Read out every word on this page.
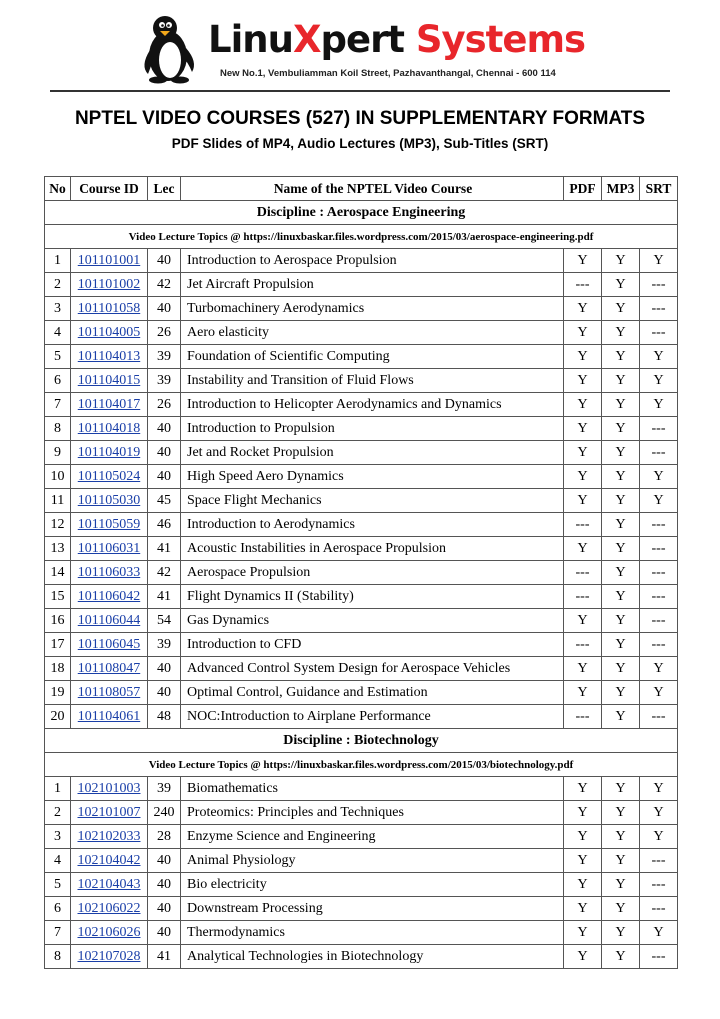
LinuXpert Systems
New No.1, Vembuliamman Koil Street, Pazhavanthangal, Chennai - 600 114
NPTEL VIDEO COURSES (527) IN SUPPLEMENTARY FORMATS
PDF Slides of MP4, Audio Lectures (MP3), Sub-Titles (SRT)
No	Course ID	Lec	Name of the NPTEL Video Course	PDF	MP3	SRT
Discipline : Aerospace Engineering						
Video Lecture Topics @ https://linuxbaskar.files.wordpress.com/2015/03/aerospace-engineering.pdf						
1	101101001	40	Introduction to Aerospace Propulsion	Y	Y	Y
2	101101002	42	Jet Aircraft Propulsion	---	Y	---
3	101101058	40	Turbomachinery Aerodynamics	Y	Y	---
4	101104005	26	Aero elasticity	Y	Y	---
5	101104013	39	Foundation of Scientific Computing	Y	Y	Y
6	101104015	39	Instability and Transition of Fluid Flows	Y	Y	Y
7	101104017	26	Introduction to Helicopter Aerodynamics and Dynamics	Y	Y	Y
8	101104018	40	Introduction to Propulsion	Y	Y	---
9	101104019	40	Jet and Rocket Propulsion	Y	Y	---
10	101105024	40	High Speed Aero Dynamics	Y	Y	Y
11	101105030	45	Space Flight Mechanics	Y	Y	Y
12	101105059	46	Introduction to Aerodynamics	---	Y	---
13	101106031	41	Acoustic Instabilities in Aerospace Propulsion	Y	Y	---
14	101106033	42	Aerospace Propulsion	---	Y	---
15	101106042	41	Flight Dynamics II (Stability)	---	Y	---
16	101106044	54	Gas Dynamics	Y	Y	---
17	101106045	39	Introduction to CFD	---	Y	---
18	101108047	40	Advanced Control System Design for Aerospace Vehicles	Y	Y	Y
19	101108057	40	Optimal Control, Guidance and Estimation	Y	Y	Y
20	101104061	48	NOC:Introduction to Airplane Performance	---	Y	---
Discipline : Biotechnology						
Video Lecture Topics @ https://linuxbaskar.files.wordpress.com/2015/03/biotechnology.pdf						
1	102101003	39	Biomathematics	Y	Y	Y
2	102101007	240	Proteomics: Principles and Techniques	Y	Y	Y
3	102102033	28	Enzyme Science and Engineering	Y	Y	Y
4	102104042	40	Animal Physiology	Y	Y	---
5	102104043	40	Bio electricity	Y	Y	---
6	102106022	40	Downstream Processing	Y	Y	---
7	102106026	40	Thermodynamics	Y	Y	Y
8	102107028	41	Analytical Technologies in Biotechnology	Y	Y	---
